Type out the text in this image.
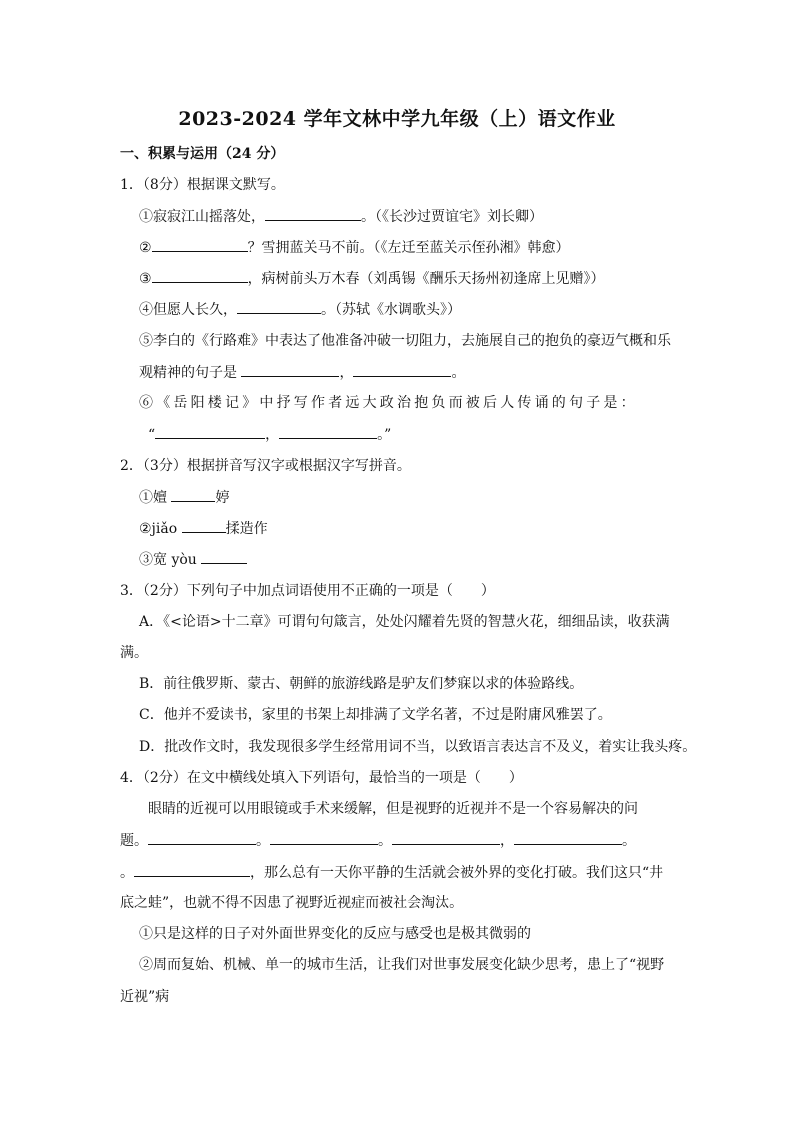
2023-2024 学年文林中学九年级（上）语文作业
一、积累与运用（24 分）
1．（8分）根据课文默写。
①寂寂江山摇落处，	。（《长沙过贾谊宅》刘长卿）
②	？雪拥蓝关马不前。（《左迁至蓝关示侄孙湘》韩愈）
③	，病树前头万木春（刘禹锡《酬乐天扬州初逢席上见赠》）
④但愿人长久，	。（苏轼《水调歌头》）
⑤李白的《行路难》中表达了他准备冲破一切阻力，去施展自己的抱负的豪迈气概和乐
观精神的句子是	，	。
⑥《岳阳楼记》中抒写作者远大政治抱负而被后人传诵的句子是：
“	，	。”
2．（3分）根据拼音写汉字或根据汉字写拼音。
①嬗	婷
②jiǎo	揉造作
③宽 yòu
3．（2分）下列句子中加点词语使用不正确的一项是（　　）
A．《<论语>十二章》可谓句句箴言，处处闪耀着先贤的智慧火花，细细品读，收获满
满。
B．前往俄罗斯、蒙古、朝鲜的旅游线路是驴友们梦寐以求的体验路线。
C．他并不爱读书，家里的书架上却排满了文学名著，不过是附庸风雅罢了。
D．批改作文时，我发现很多学生经常用词不当，以致语言表达言不及义，着实让我头疼。
4．（2分）在文中横线处填入下列语句，最恰当的一项是（　　）
眼睛的近视可以用眼镜或手术来缓解，但是视野的近视并不是一个容易解决的问
题。	。	。	，	。
。	，那么总有一天你平静的生活就会被外界的变化打破。我们这只“井
底之蛙”，也就不得不因患了视野近视症而被社会淘汰。
①只是这样的日子对外面世界变化的反应与感受也是极其微弱的
②周而复始、机械、单一的城市生活，让我们对世事发展变化缺少思考，患上了“视野
近视”病
